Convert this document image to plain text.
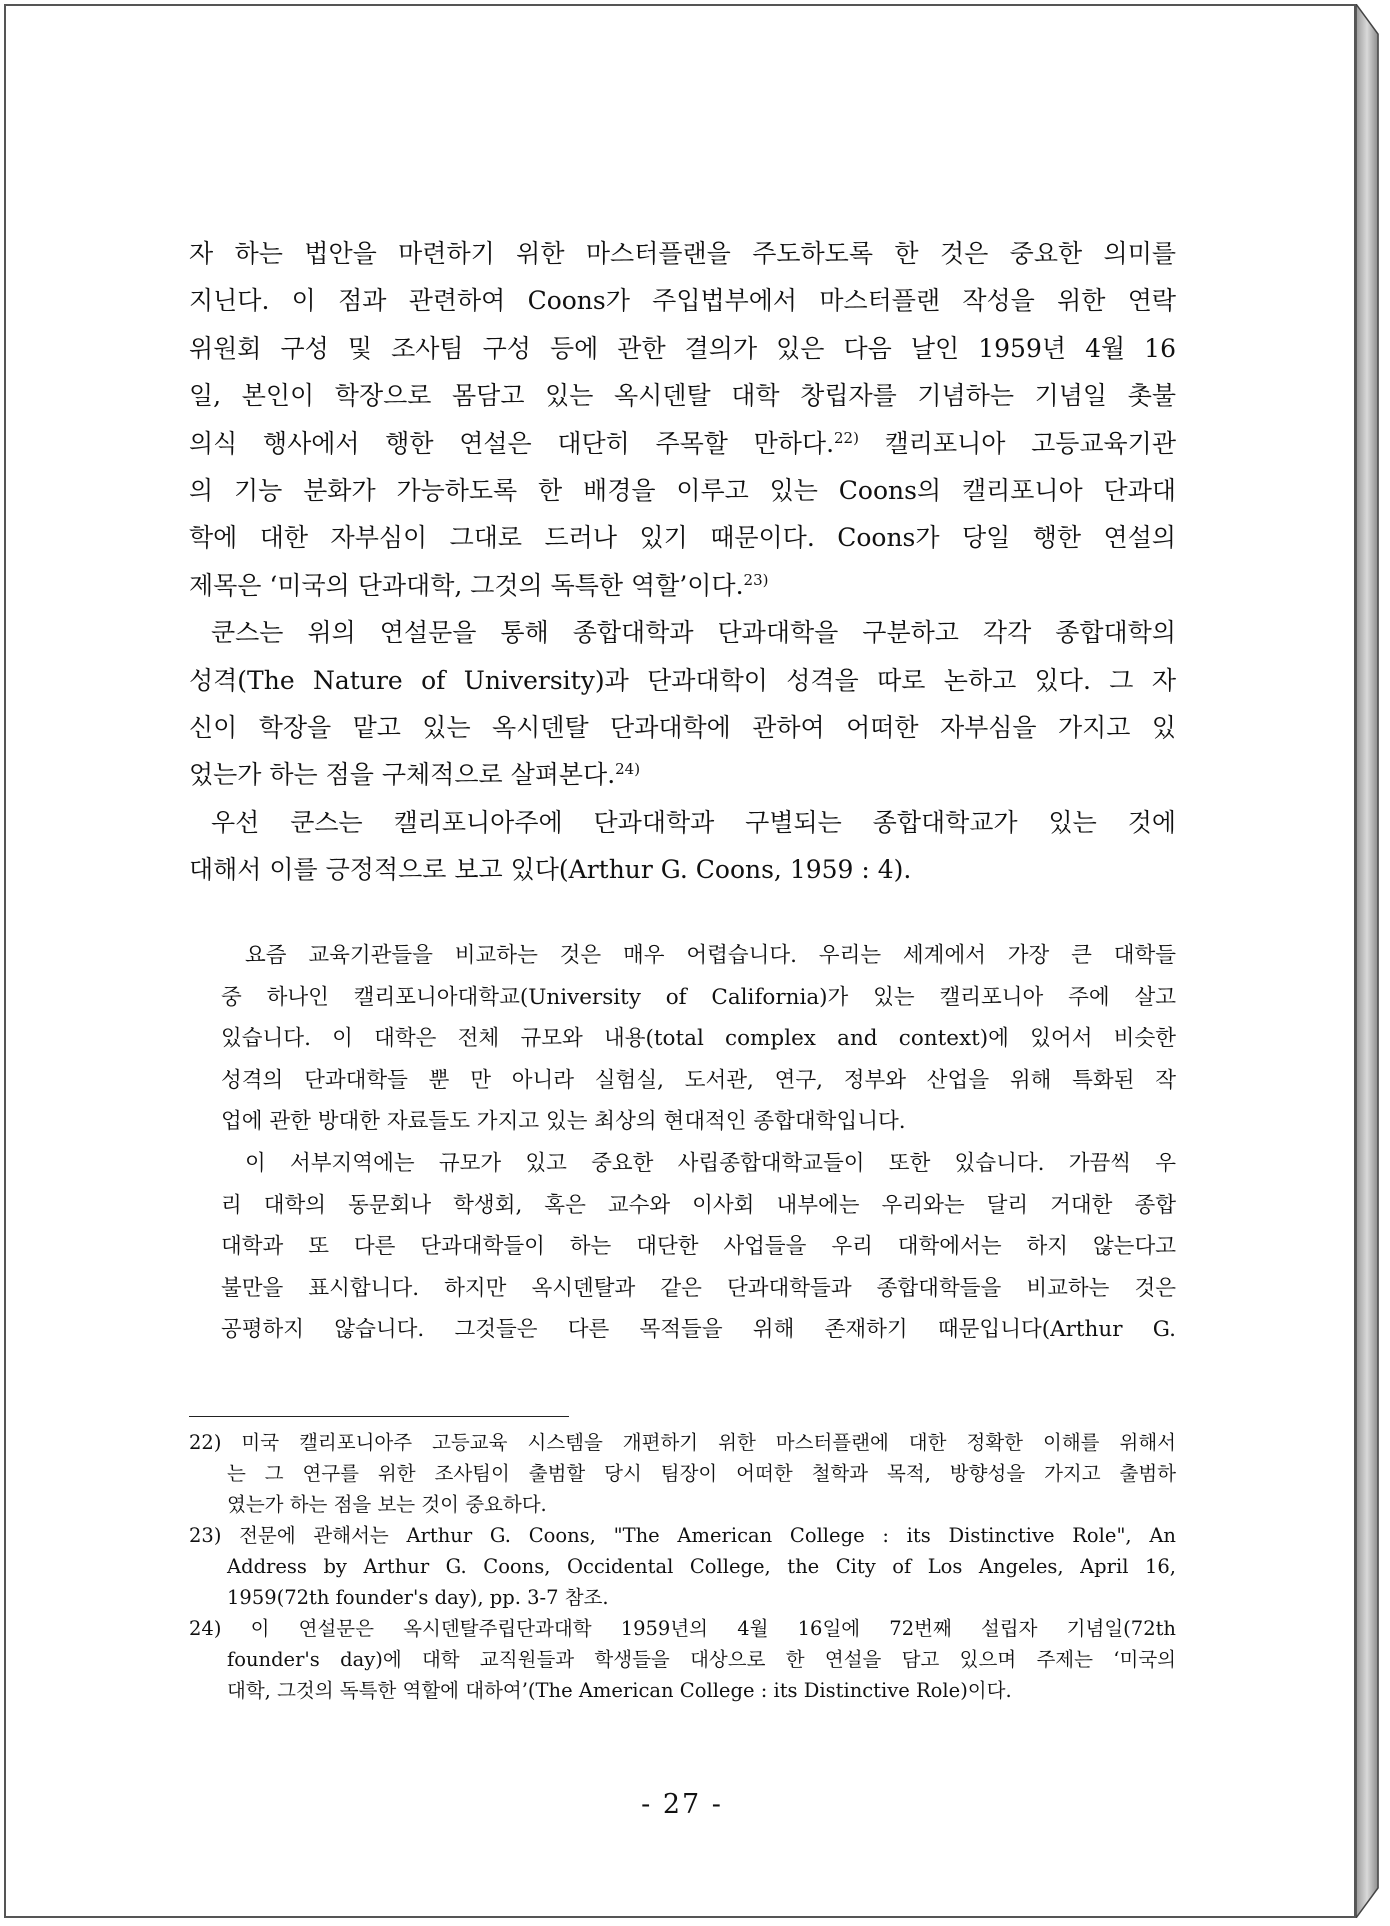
자 하는 법안을 마련하기 위한 마스터플랜을 주도하도록 한 것은 중요한 의미를
지닌다. 이 점과 관련하여 Coons가 주입법부에서 마스터플랜 작성을 위한 연락
위원회 구성 및 조사팀 구성 등에 관한 결의가 있은 다음 날인 1959년 4월 16
일, 본인이 학장으로 몸담고 있는 옥시덴탈 대학 창립자를 기념하는 기념일 촛불
의식 행사에서 행한 연설은 대단히 주목할 만하다.$^{22)}$ 캘리포니아 고등교육기관
의 기능 분화가 가능하도록 한 배경을 이루고 있는 Coons의 캘리포니아 단과대
학에 대한 자부심이 그대로 드러나 있기 때문이다. Coons가 당일 행한 연설의
제목은 ‘미국의 단과대학, 그것의 독특한 역할’이다.$^{23)}$
쿤스는 위의 연설문을 통해 종합대학과 단과대학을 구분하고 각각 종합대학의
성격(The Nature of University)과 단과대학이 성격을 따로 논하고 있다. 그 자
신이 학장을 맡고 있는 옥시덴탈 단과대학에 관하여 어떠한 자부심을 가지고 있
었는가 하는 점을 구체적으로 살펴본다.$^{24)}$
우선 쿤스는 캘리포니아주에 단과대학과 구별되는 종합대학교가 있는 것에
대해서 이를 긍정적으로 보고 있다(Arthur G. Coons, 1959 : 4).
요즘 교육기관들을 비교하는 것은 매우 어렵습니다. 우리는 세계에서 가장 큰 대학들
중 하나인 캘리포니아대학교(University of California)가 있는 캘리포니아 주에 살고
있습니다. 이 대학은 전체 규모와 내용(total complex and context)에 있어서 비슷한
성격의 단과대학들 뿐 만 아니라 실험실, 도서관, 연구, 정부와 산업을 위해 특화된 작
업에 관한 방대한 자료들도 가지고 있는 최상의 현대적인 종합대학입니다.
이 서부지역에는 규모가 있고 중요한 사립종합대학교들이 또한 있습니다. 가끔씩 우
리 대학의 동문회나 학생회, 혹은 교수와 이사회 내부에는 우리와는 달리 거대한 종합
대학과 또 다른 단과대학들이 하는 대단한 사업들을 우리 대학에서는 하지 않는다고
불만을 표시합니다. 하지만 옥시덴탈과 같은 단과대학들과 종합대학들을 비교하는 것은
공평하지 않습니다. 그것들은 다른 목적들을 위해 존재하기 때문입니다(Arthur G.
22) 미국 캘리포니아주 고등교육 시스템을 개편하기 위한 마스터플랜에 대한 정확한 이해를 위해서
는 그 연구를 위한 조사팀이 출범할 당시 팀장이 어떠한 철학과 목적, 방향성을 가지고 출범하
였는가 하는 점을 보는 것이 중요하다.
23) 전문에 관해서는 Arthur G. Coons, "The American College : its Distinctive Role", An
Address by Arthur G. Coons, Occidental College, the City of Los Angeles, April 16,
1959(72th founder's day), pp. 3-7 참조.
24) 이 연설문은 옥시덴탈주립단과대학 1959년의 4월 16일에 72번째 설립자 기념일(72th
founder's day)에 대학 교직원들과 학생들을 대상으로 한 연설을 담고 있으며 주제는 ‘미국의
대학, 그것의 독특한 역할에 대하여’(The American College : its Distinctive Role)이다.
- 27 -
